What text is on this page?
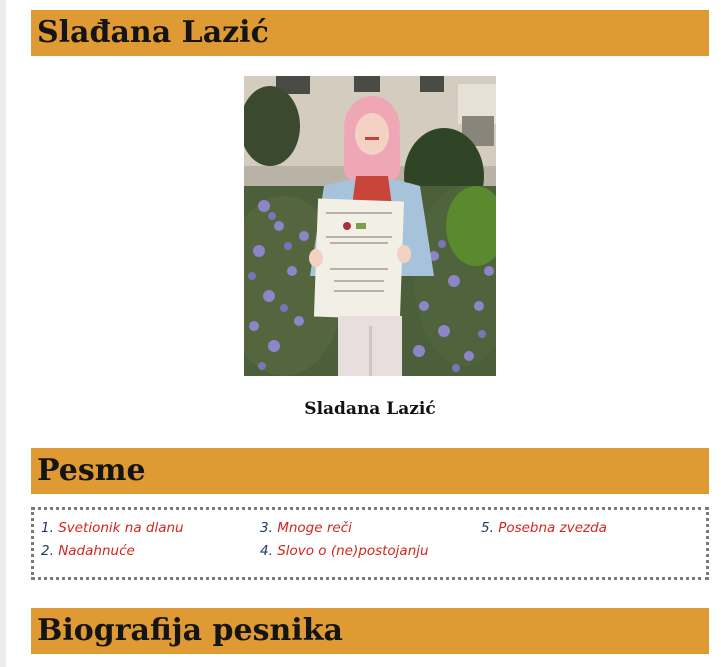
Slađana Lazić
Sladana Lazić
Pesme
1. Svetionik na dlanu
2. Nadahnuće
3. Mnoge reči
4. Slovo o (ne)postojanju
5. Posebna zvezda
Biografija pesnika
